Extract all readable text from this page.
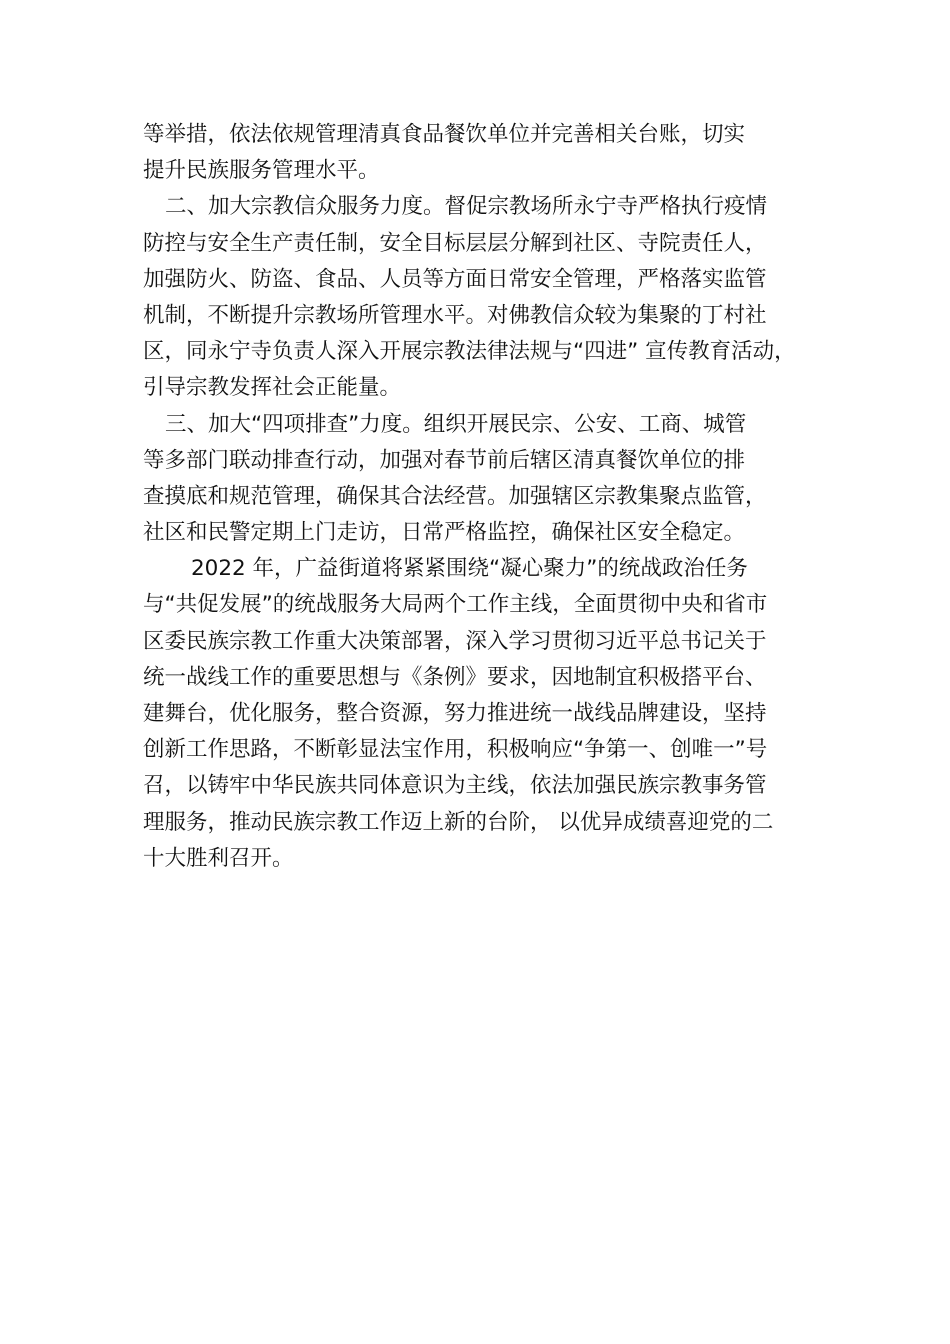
等举措，依法依规管理清真食品餐饮单位并完善相关台账，切实
提升民族服务管理水平。
二、加大宗教信众服务力度。督促宗教场所永宁寺严格执行疫情
防控与安全生产责任制，安全目标层层分解到社区、寺院责任人，
加强防火、防盗、食品、人员等方面日常安全管理，严格落实监管
机制，不断提升宗教场所管理水平。对佛教信众较为集聚的丁村社
区，同永宁寺负责人深入开展宗教法律法规与“四进” 宣传教育活动，
引导宗教发挥社会正能量。
三、加大“四项排查”力度。组织开展民宗、公安、工商、城管
等多部门联动排查行动，加强对春节前后辖区清真餐饮单位的排
查摸底和规范管理，确保其合法经营。加强辖区宗教集聚点监管，
社区和民警定期上门走访，日常严格监控，确保社区安全稳定。
2022 年，广益街道将紧紧围绕“凝心聚力”的统战政治任务
与“共促发展”的统战服务大局两个工作主线，全面贯彻中央和省市
区委民族宗教工作重大决策部署，深入学习贯彻习近平总书记关于
统一战线工作的重要思想与《条例》要求，因地制宜积极搭平台、
建舞台，优化服务，整合资源，努力推进统一战线品牌建设，坚持
创新工作思路，不断彰显法宝作用，积极响应“争第一、创唯一”号
召，以铸牢中华民族共同体意识为主线，依法加强民族宗教事务管
理服务，推动民族宗教工作迈上新的台阶， 以优异成绩喜迎党的二
十大胜利召开。
